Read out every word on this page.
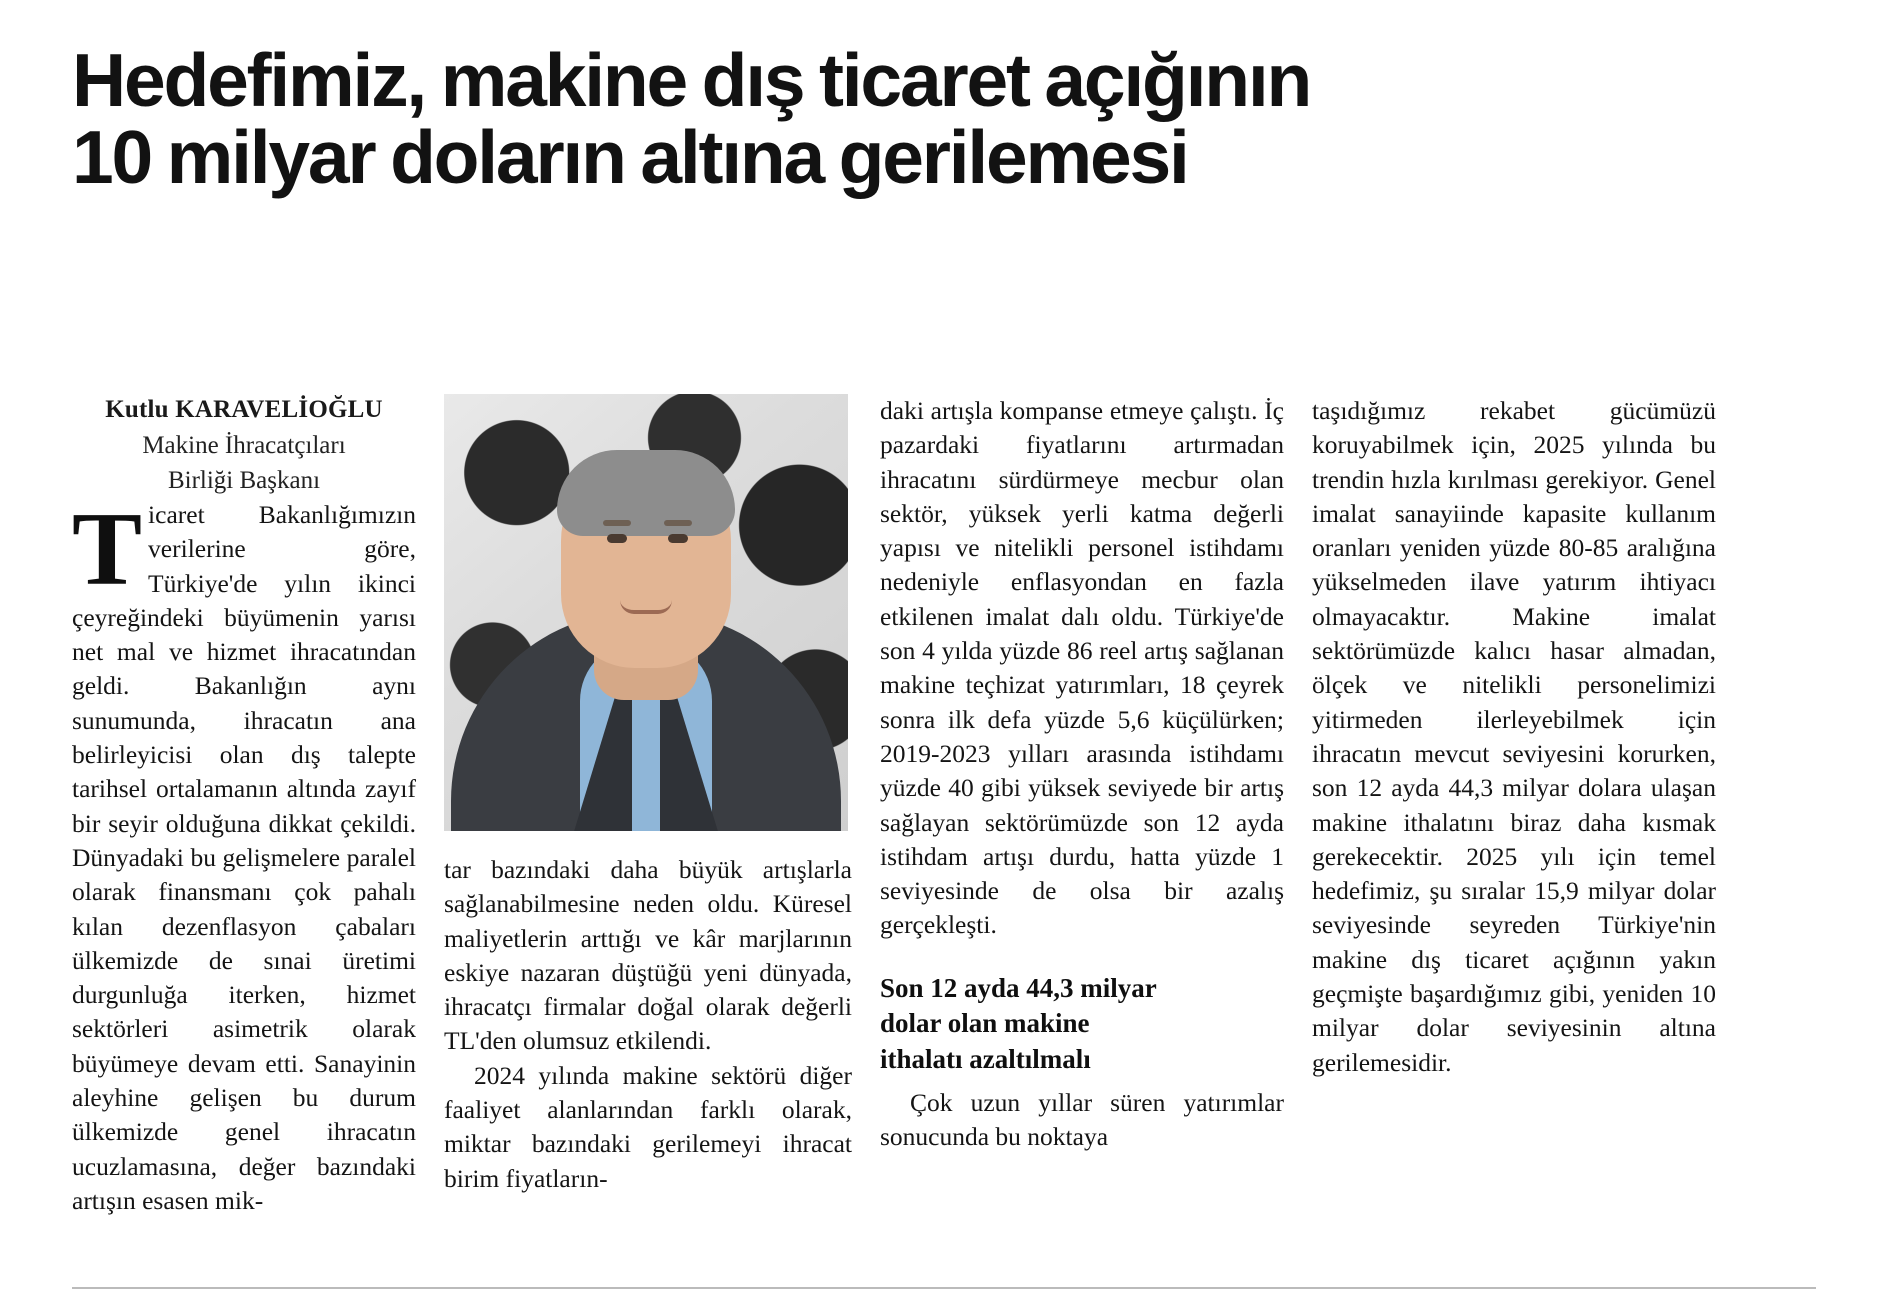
Hedefimiz, makine dış ticaret açığının
10 milyar doların altına gerilemesi
Kutlu KARAVELİOĞLU
Makine İhracatçıları
Birliği Başkanı

Ticaret Bakanlığımızın verilerine göre, Türkiye'de yılın ikinci çeyreğindeki büyümenin yarısı net mal ve hizmet ihracatından geldi. Bakanlığın aynı sunumunda, ihracatın ana belirleyicisi olan dış talepte tarihsel ortalamanın altında zayıf bir seyir olduğuna dikkat çekildi. Dünyadaki bu gelişmelere paralel olarak finansmanı çok pahalı kılan dezenflasyon çabaları ülkemizde de sınai üretimi durgunluğa iterken, hizmet sektörleri asimetrik olarak büyümeye devam etti. Sanayinin aleyhine gelişen bu durum ülkemizde genel ihracatın ucuzlamasına, değer bazındaki artışın esasen mik-

tar bazındaki daha büyük artışlarla sağlanabilmesine neden oldu. Küresel maliyetlerin arttığı ve kâr marjlarının eskiye nazaran düştüğü yeni dünyada, ihracatçı firmalar doğal olarak değerli TL'den olumsuz etkilendi.

2024 yılında makine sektörü diğer faaliyet alanlarından farklı olarak, miktar bazındaki gerilemeyi ihracat birim fiyatların-

daki artışla kompanse etmeye çalıştı. İç pazardaki fiyatlarını artırmadan ihracatını sürdürmeye mecbur olan sektör, yüksek yerli katma değerli yapısı ve nitelikli personel istihdamı nedeniyle enflasyondan en fazla etkilenen imalat dalı oldu. Türkiye'de son 4 yılda yüzde 86 reel artış sağlanan makine teçhizat yatırımları, 18 çeyrek sonra ilk defa yüzde 5,6 küçülürken; 2019-2023 yılları arasında istihdamı yüzde 40 gibi yüksek seviyede bir artış sağlayan sektörümüzde son 12 ayda istihdam artışı durdu, hatta yüzde 1 seviyesinde de olsa bir azalış gerçekleşti.

Son 12 ayda 44,3 milyar
dolar olan makine
ithalatı azaltılmalı

Çok uzun yıllar süren yatırımlar sonucunda bu noktaya

taşıdığımız rekabet gücümüzü koruyabilmek için, 2025 yılında bu trendin hızla kırılması gerekiyor. Genel imalat sanayiinde kapasite kullanım oranları yeniden yüzde 80-85 aralığına yükselmeden ilave yatırım ihtiyacı olmayacaktır. Makine imalat sektörümüzde kalıcı hasar almadan, ölçek ve nitelikli personelimizi yitirmeden ilerleyebilmek için ihracatın mevcut seviyesini korurken, son 12 ayda 44,3 milyar dolara ulaşan makine ithalatını biraz daha kısmak gerekecektir. 2025 yılı için temel hedefimiz, şu sıralar 15,9 milyar dolar seviyesinde seyreden Türkiye'nin makine dış ticaret açığının yakın geçmişte başardığımız gibi, yeniden 10 milyar dolar seviyesinin altına gerilemesidir.
